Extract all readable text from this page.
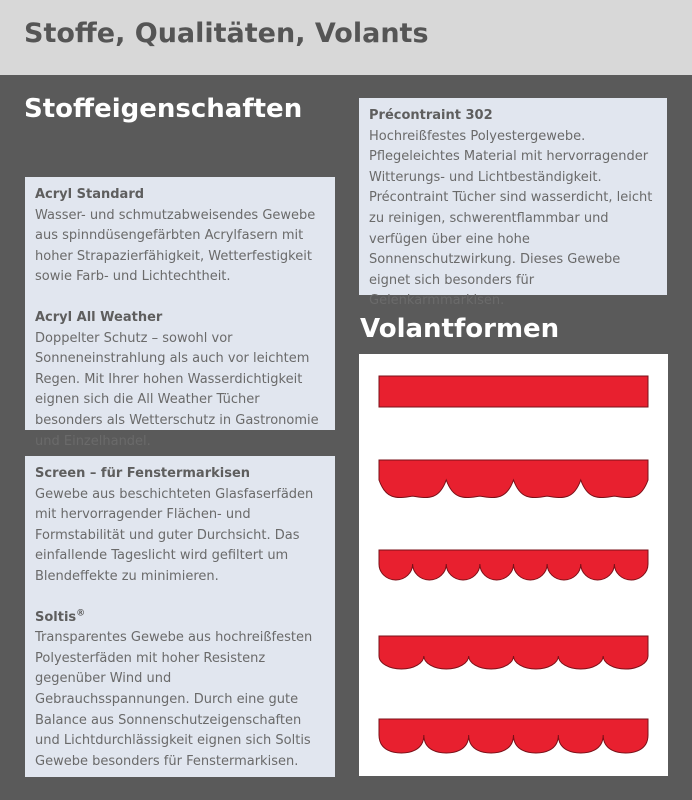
Stoffe, Qualitäten, Volants
Stoffeigenschaften
Volantformen
Acryl Standard
Wasser- und schmutzabweisendes Gewebe
aus spinndüsengefärbten Acrylfasern mit
hoher Strapazierfähigkeit, Wetterfestigkeit
sowie Farb- und Lichtechtheit.
Acryl All Weather
Doppelter Schutz – sowohl vor Sonneneinstrahlung als auch vor leichtem Regen. Mit Ihrer hohen Wasserdichtigkeit eignen sich die All Weather Tücher besonders als Wetterschutz in Gastronomie und Einzelhandel.
Screen – für Fenstermarkisen
Gewebe aus beschichteten Glasfaserfäden mit hervorragender Flächen- und Formstabilität und guter Durchsicht. Das einfallende Tageslicht wird gefiltert um Blendeffekte zu minimieren.
Soltis®
Transparentes Gewebe aus hochreißfesten Polyesterfäden mit hoher Resistenz gegenüber Wind und Gebrauchsspannungen. Durch eine gute Balance aus Sonnenschutzeigenschaften und Lichtdurchlässigkeit eignen sich Soltis Gewebe besonders für Fenstermarkisen.
Précontraint 302
Hochreißfestes Polyestergewebe.
Pflegeleichtes Material mit hervorragender Witterungs- und Lichtbeständigkeit. Précontraint Tücher sind wasserdicht, leicht zu reinigen, schwerentflammbar und verfügen über eine hohe Sonnenschutzwirkung. Dieses Gewebe eignet sich besonders für Gelenkarmmarkisen.
